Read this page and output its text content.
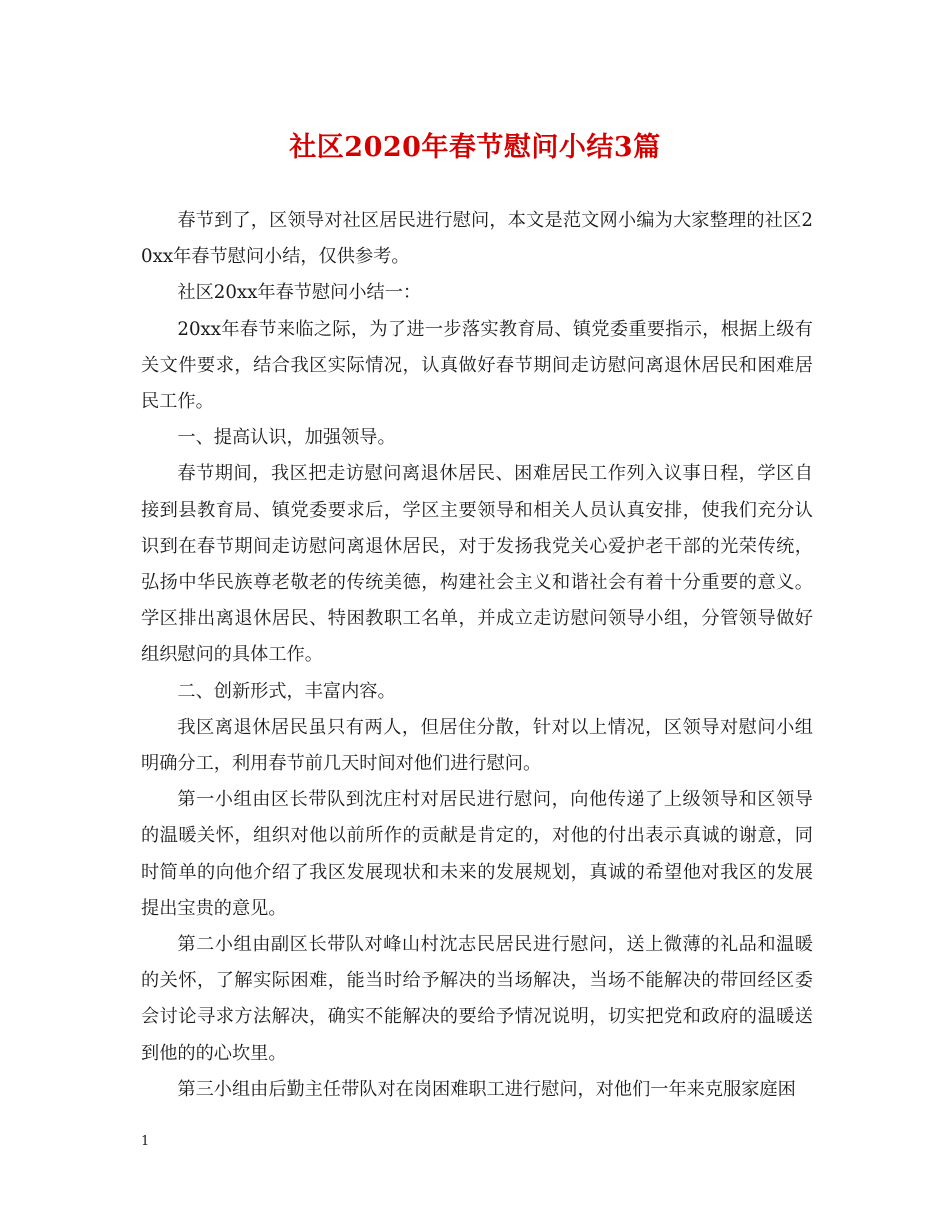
社区2020年春节慰问小结3篇

春节到了，区领导对社区居民进行慰问，本文是范文网小编为大家整理的社区20xx年春节慰问小结，仅供参考。

社区20xx年春节慰问小结一：

20xx年春节来临之际，为了进一步落实教育局、镇党委重要指示，根据上级有关文件要求，结合我区实际情况，认真做好春节期间走访慰问离退休居民和困难居民工作。

一、提高认识，加强领导。

春节期间，我区把走访慰问离退休居民、困难居民工作列入议事日程，学区自接到县教育局、镇党委要求后，学区主要领导和相关人员认真安排，使我们充分认识到在春节期间走访慰问离退休居民，对于发扬我党关心爱护老干部的光荣传统，弘扬中华民族尊老敬老的传统美德，构建社会主义和谐社会有着十分重要的意义。学区排出离退休居民、特困教职工名单，并成立走访慰问领导小组，分管领导做好组织慰问的具体工作。

二、创新形式，丰富内容。

我区离退休居民虽只有两人，但居住分散，针对以上情况，区领导对慰问小组明确分工，利用春节前几天时间对他们进行慰问。

第一小组由区长带队到沈庄村对居民进行慰问，向他传递了上级领导和区领导的温暖关怀，组织对他以前所作的贡献是肯定的，对他的付出表示真诚的谢意，同时简单的向他介绍了我区发展现状和未来的发展规划，真诚的希望他对我区的发展提出宝贵的意见。

第二小组由副区长带队对峰山村沈志民居民进行慰问，送上微薄的礼品和温暖的关怀，了解实际困难，能当时给予解决的当场解决，当场不能解决的带回经区委会讨论寻求方法解决，确实不能解决的要给予情况说明，切实把党和政府的温暖送到他的的心坎里。

第三小组由后勤主任带队对在岗困难职工进行慰问，对他们一年来克服家庭困

1
